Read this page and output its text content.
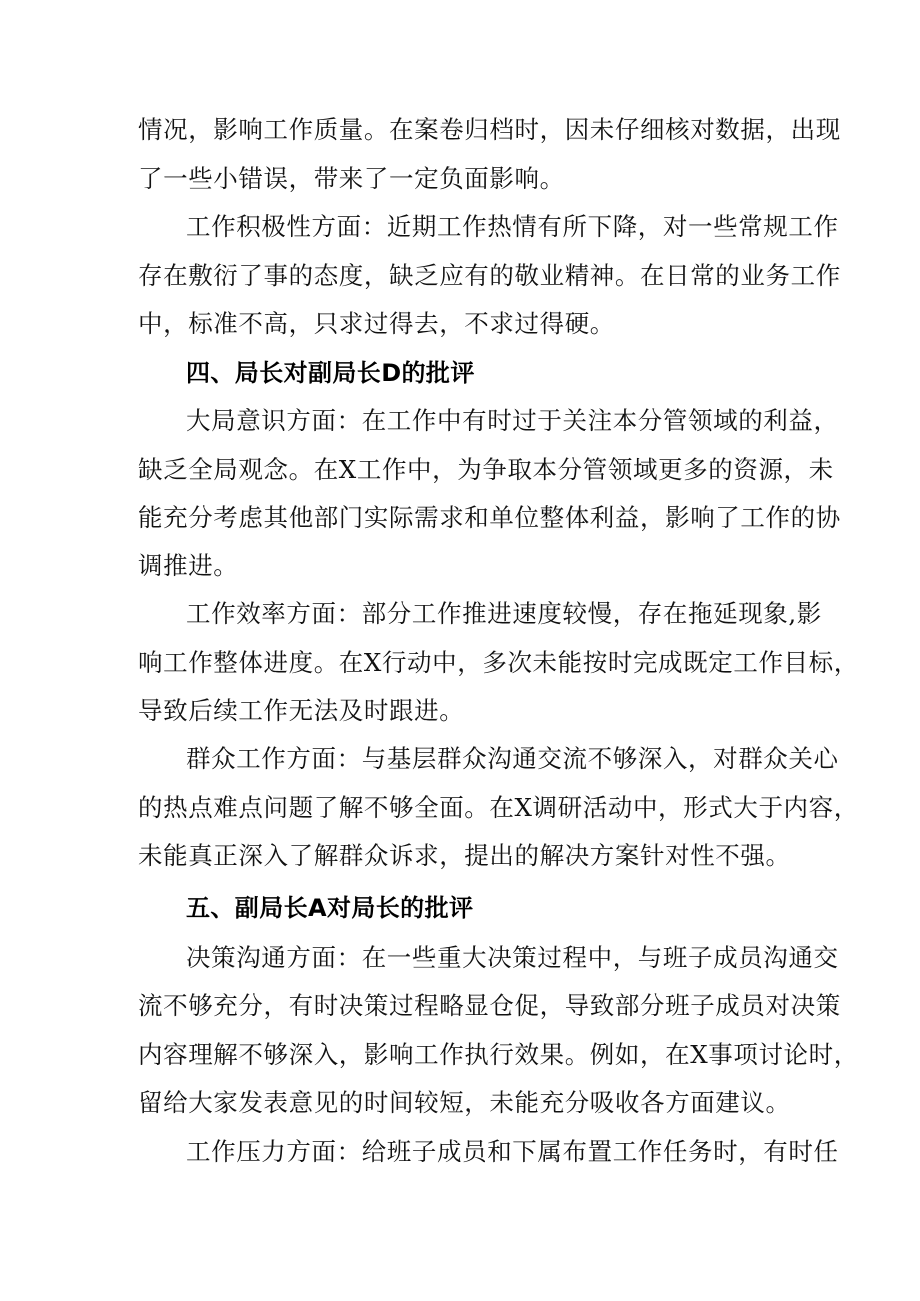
情况，影响工作质量。在案卷归档时，因未仔细核对数据，出现
了一些小错误，带来了一定负面影响。
工作积极性方面：近期工作热情有所下降，对一些常规工作
存在敷衍了事的态度，缺乏应有的敬业精神。在日常的业务工作
中，标准不高，只求过得去，不求过得硬。
四、局长对副局长D的批评
大局意识方面：在工作中有时过于关注本分管领域的利益，
缺乏全局观念。在X工作中，为争取本分管领域更多的资源，未
能充分考虑其他部门实际需求和单位整体利益，影响了工作的协
调推进。
工作效率方面：部分工作推进速度较慢，存在拖延现象,影
响工作整体进度。在X行动中，多次未能按时完成既定工作目标，
导致后续工作无法及时跟进。
群众工作方面：与基层群众沟通交流不够深入，对群众关心
的热点难点问题了解不够全面。在X调研活动中，形式大于内容，
未能真正深入了解群众诉求，提出的解决方案针对性不强。
五、副局长A对局长的批评
决策沟通方面：在一些重大决策过程中，与班子成员沟通交
流不够充分，有时决策过程略显仓促，导致部分班子成员对决策
内容理解不够深入，影响工作执行效果。例如，在X事项讨论时，
留给大家发表意见的时间较短，未能充分吸收各方面建议。
工作压力方面：给班子成员和下属布置工作任务时，有时任
